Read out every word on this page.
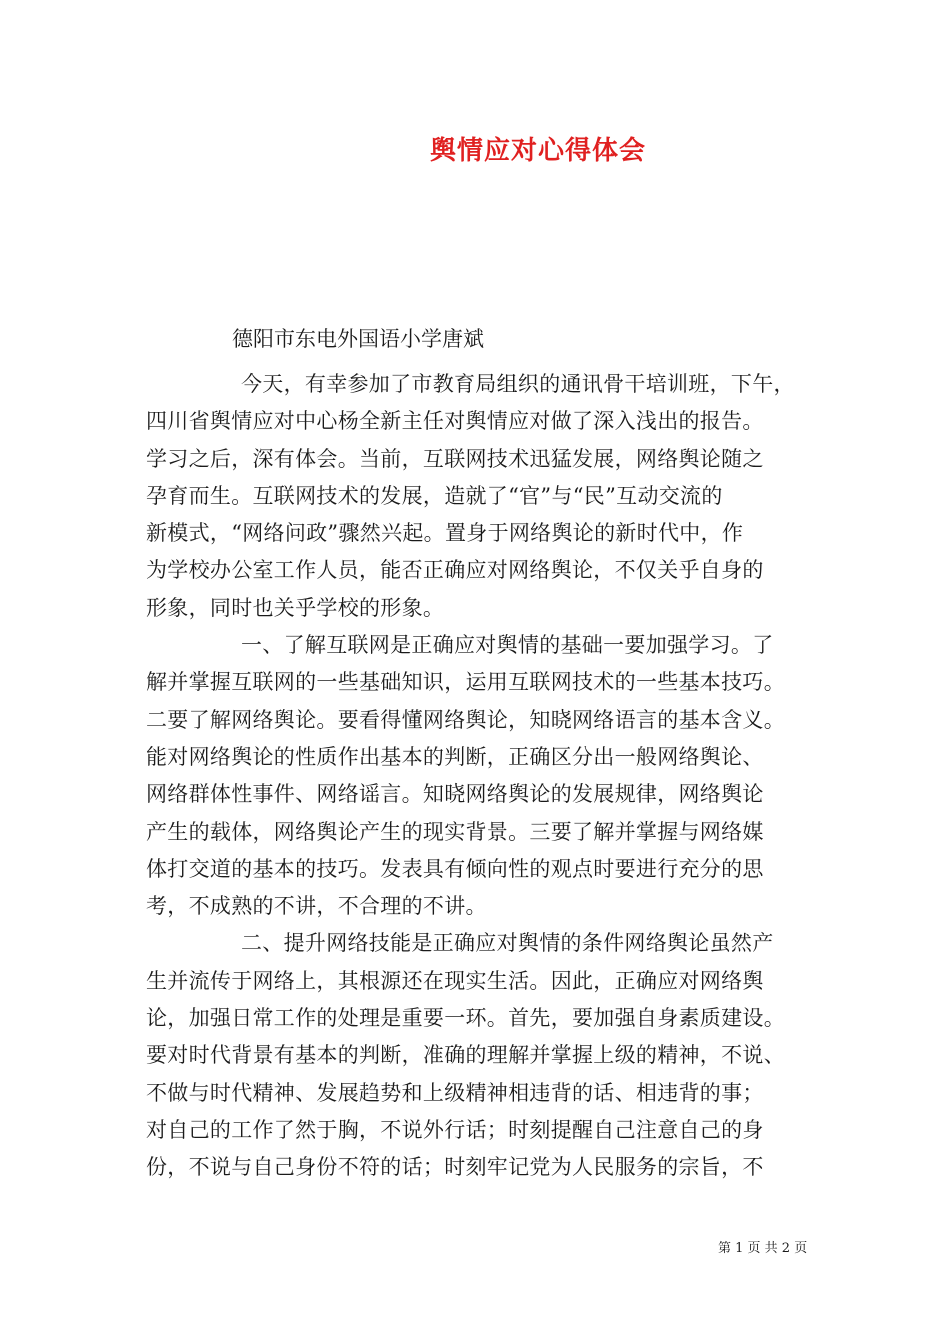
舆情应对心得体会
德阳市东电外国语小学唐斌
今天，有幸参加了市教育局组织的通讯骨干培训班，下午，
四川省舆情应对中心杨全新主任对舆情应对做了深入浅出的报告。
学习之后，深有体会。当前，互联网技术迅猛发展，网络舆论随之
孕育而生。互联网技术的发展，造就了“官”与“民”互动交流的
新模式，“网络问政”骤然兴起。置身于网络舆论的新时代中，作
为学校办公室工作人员，能否正确应对网络舆论，不仅关乎自身的
形象，同时也关乎学校的形象。
一、了解互联网是正确应对舆情的基础一要加强学习。了
解并掌握互联网的一些基础知识，运用互联网技术的一些基本技巧。
二要了解网络舆论。要看得懂网络舆论，知晓网络语言的基本含义。
能对网络舆论的性质作出基本的判断，正确区分出一般网络舆论、
网络群体性事件、网络谣言。知晓网络舆论的发展规律，网络舆论
产生的载体，网络舆论产生的现实背景。三要了解并掌握与网络媒
体打交道的基本的技巧。发表具有倾向性的观点时要进行充分的思
考，不成熟的不讲，不合理的不讲。
二、提升网络技能是正确应对舆情的条件网络舆论虽然产
生并流传于网络上，其根源还在现实生活。因此，正确应对网络舆
论，加强日常工作的处理是重要一环。首先，要加强自身素质建设。
要对时代背景有基本的判断，准确的理解并掌握上级的精神，不说、
不做与时代精神、发展趋势和上级精神相违背的话、相违背的事；
对自己的工作了然于胸，不说外行话；时刻提醒自己注意自己的身
份，不说与自己身份不符的话；时刻牢记党为人民服务的宗旨，不
第 1 页 共 2 页
